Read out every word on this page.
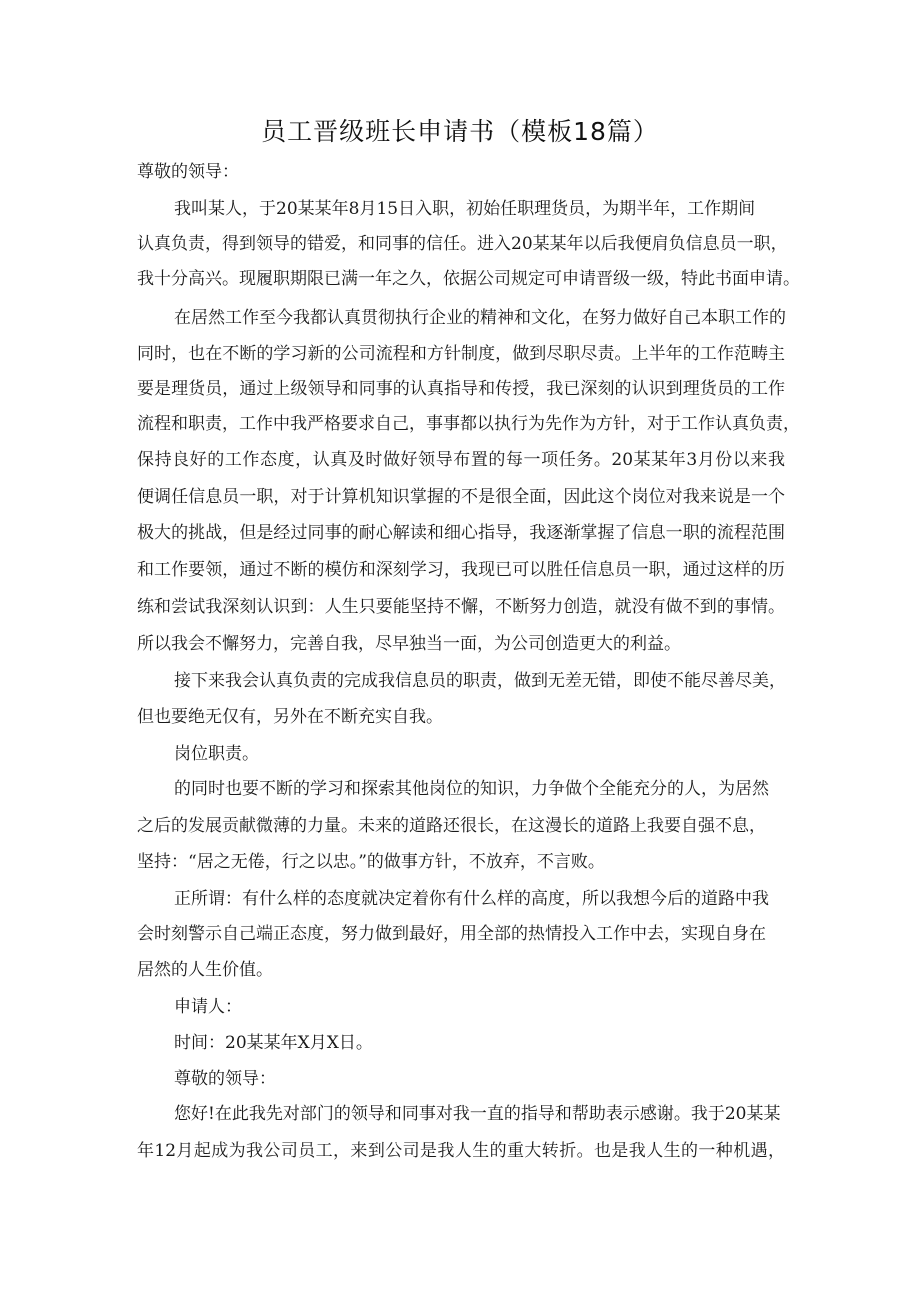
员工晋级班长申请书（模板18篇）
尊敬的领导：
我叫某人，于20某某年8月15日入职，初始任职理货员，为期半年，工作期间
认真负责，得到领导的错爱，和同事的信任。进入20某某年以后我便肩负信息员一职，
我十分高兴。现履职期限已满一年之久，依据公司规定可申请晋级一级，特此书面申请。
在居然工作至今我都认真贯彻执行企业的精神和文化，在努力做好自己本职工作的
同时，也在不断的学习新的公司流程和方针制度，做到尽职尽责。上半年的工作范畴主
要是理货员，通过上级领导和同事的认真指导和传授，我已深刻的认识到理货员的工作
流程和职责，工作中我严格要求自己，事事都以执行为先作为方针，对于工作认真负责，
保持良好的工作态度，认真及时做好领导布置的每一项任务。20某某年3月份以来我
便调任信息员一职，对于计算机知识掌握的不是很全面，因此这个岗位对我来说是一个
极大的挑战，但是经过同事的耐心解读和细心指导，我逐渐掌握了信息一职的流程范围
和工作要领，通过不断的模仿和深刻学习，我现已可以胜任信息员一职，通过这样的历
练和尝试我深刻认识到：人生只要能坚持不懈，不断努力创造，就没有做不到的事情。
所以我会不懈努力，完善自我，尽早独当一面，为公司创造更大的利益。
接下来我会认真负责的完成我信息员的职责，做到无差无错，即使不能尽善尽美，
但也要绝无仅有，另外在不断充实自我。
岗位职责。
的同时也要不断的学习和探索其他岗位的知识，力争做个全能充分的人，为居然
之后的发展贡献微薄的力量。未来的道路还很长，在这漫长的道路上我要自强不息，
坚持：“居之无倦，行之以忠。”的做事方针，不放弃，不言败。
正所谓：有什么样的态度就决定着你有什么样的高度，所以我想今后的道路中我
会时刻警示自己端正态度，努力做到最好，用全部的热情投入工作中去，实现自身在
居然的人生价值。
申请人：
时间：20某某年X月X日。
尊敬的领导：
您好!在此我先对部门的领导和同事对我一直的指导和帮助表示感谢。我于20某某
年12月起成为我公司员工，来到公司是我人生的重大转折。也是我人生的一种机遇，
